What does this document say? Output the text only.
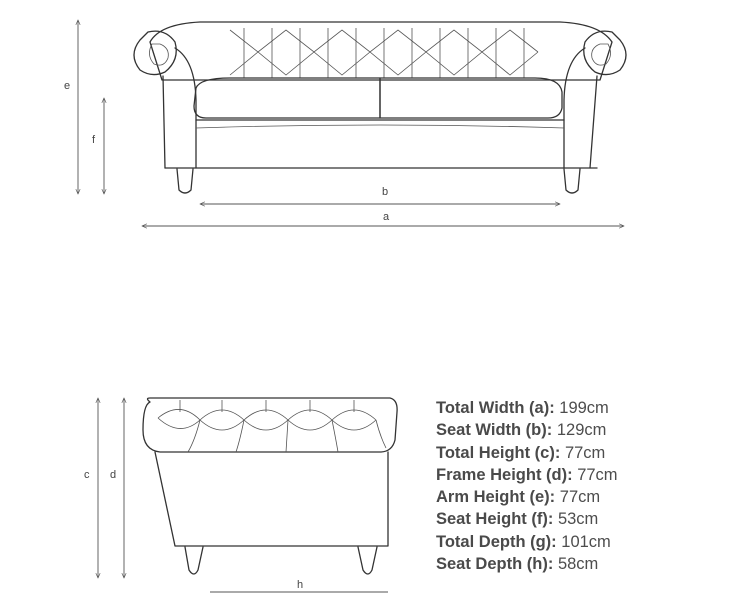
a
b
e
f
c d
h
Total Width (a): 199cm
Seat Width (b): 129cm
Total Height (c): 77cm
Frame Height (d): 77cm
Arm Height (e): 77cm
Seat Height (f): 53cm
Total Depth (g): 101cm
Seat Depth (h): 58cm
